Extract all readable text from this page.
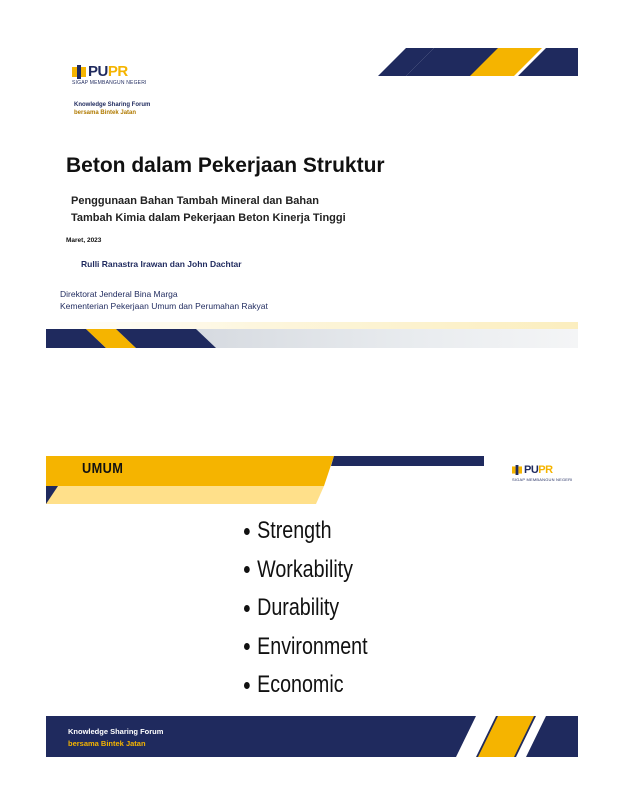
PUPR
SIGAP MEMBANGUN NEGERI
Knowledge Sharing Forum
bersama Bintek Jatan
Beton dalam Pekerjaan Struktur
Penggunaan Bahan Tambah Mineral dan Bahan
Tambah Kimia dalam Pekerjaan Beton Kinerja Tinggi
Maret, 2023
Rulli Ranastra Irawan dan John Dachtar
Direktorat Jenderal Bina Marga
Kementerian Pekerjaan Umum dan Perumahan Rakyat
UMUM	PUPR
SIGAP MEMBANGUN NEGERI
Strength
Workability
Durability
Environment
Economic
Knowledge Sharing Forum
bersama Bintek Jatan
